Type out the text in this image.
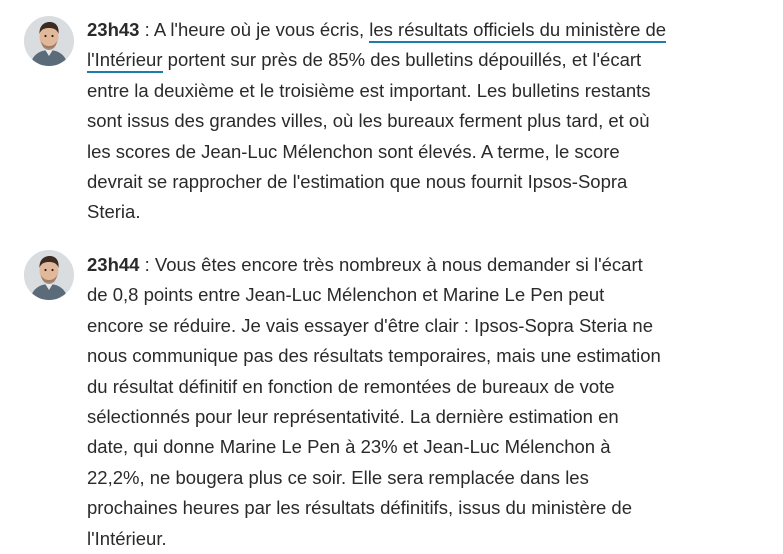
23h43 : A l'heure où je vous écris, les résultats officiels du ministère de
l'Intérieur portent sur près de 85% des bulletins dépouillés, et l'écart
entre la deuxième et le troisième est important. Les bulletins restants
sont issus des grandes villes, où les bureaux ferment plus tard, et où
les scores de Jean-Luc Mélenchon sont élevés. A terme, le score
devrait se rapprocher de l'estimation que nous fournit Ipsos-Sopra
Steria.

23h44 : Vous êtes encore très nombreux à nous demander si l'écart
de 0,8 points entre Jean-Luc Mélenchon et Marine Le Pen peut
encore se réduire. Je vais essayer d'être clair : Ipsos-Sopra Steria ne
nous communique pas des résultats temporaires, mais une estimation
du résultat définitif en fonction de remontées de bureaux de vote
sélectionnés pour leur représentativité. La dernière estimation en
date, qui donne Marine Le Pen à 23% et Jean-Luc Mélenchon à
22,2%, ne bougera plus ce soir. Elle sera remplacée dans les
prochaines heures par les résultats définitifs, issus du ministère de
l'Intérieur.
